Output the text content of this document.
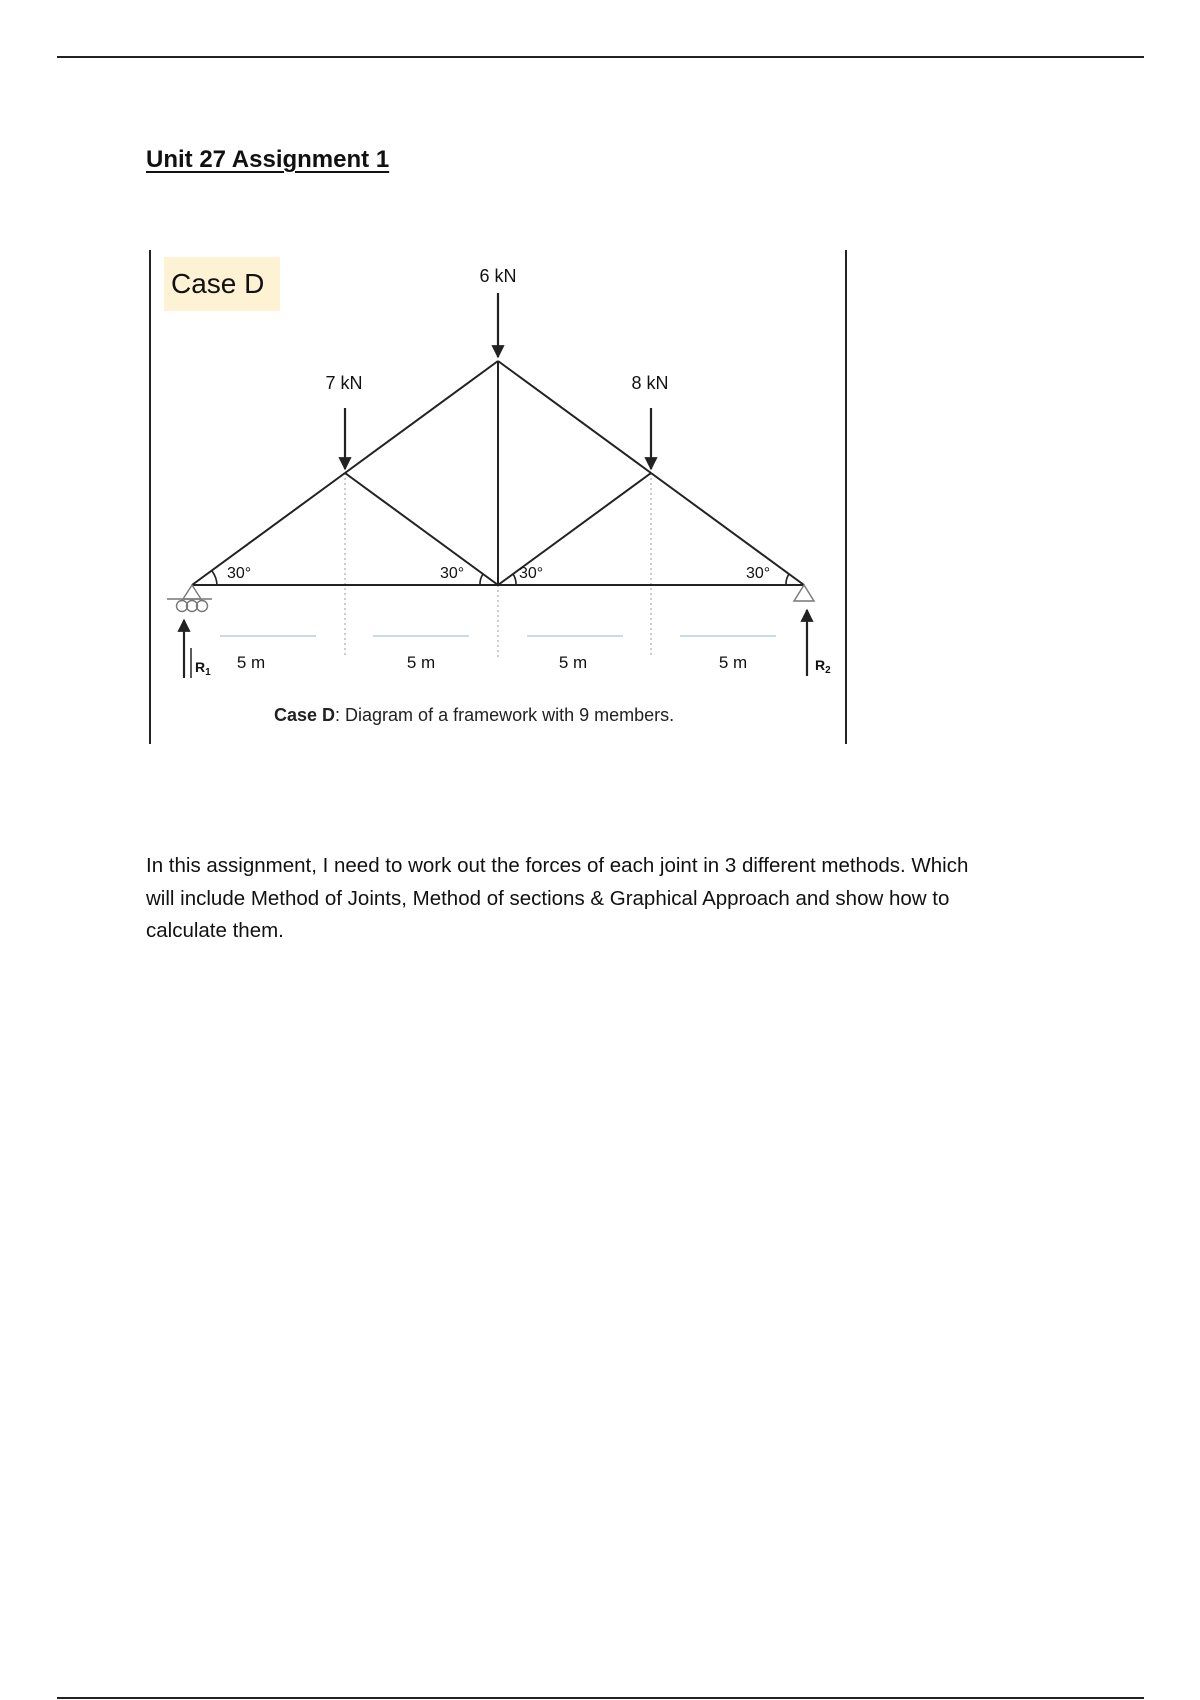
Unit 27 Assignment 1
Case D	6 kN
7 kN	8 kN
30°	30°	30°	30°
$R_1$	$R_2$
5 m	5 m	5 m	5 m
Case D: Diagram of a framework with 9 members.

In this assignment, I need to work out the forces of each joint in 3 different methods. Which

will include Method of Joints, Method of sections & Graphical Approach and show how to

calculate them.
